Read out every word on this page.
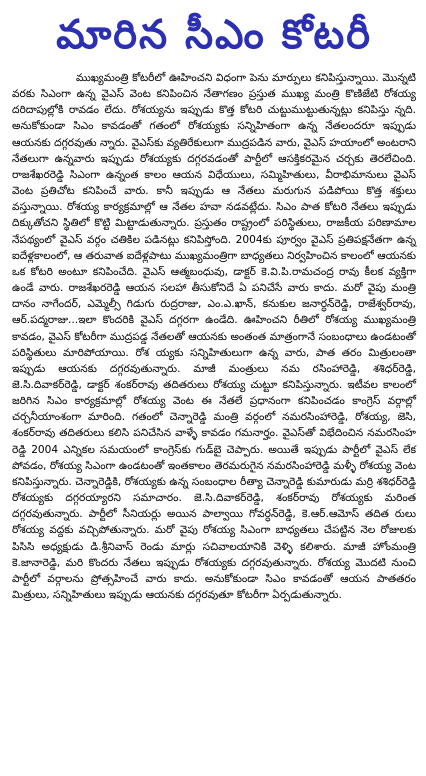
మారిన సీఎం కోటరీ

ముఖ్యమంత్రి కోటరీలో ఊహించని విధంగా పెను మార్పులు కనిపిస్తున్నాయి. మొన్నటి వరకు సిఎంగా ఉన్న వైఎస్ వెంట కనిపించిన నేతాగణం ప్రస్తుత ముఖ్య మంత్రి కొణిజేటి రోశయ్య దరిదాపుల్లోకి రావడం లేదు. రోశయ్యను ఇప్పుడు కొత్త కోటరి చుట్టుముట్టుతున్నట్లు కనిపిస్తు న్నది. అనుకోకుండా సిఎం కావడంతో గతంలో రోశయ్యకు సన్నిహితంగా ఉన్న నేతలందరూ ఇప్పుడు ఆయనకు దగ్గరవుతు న్నారు. వైఎస్‌కు వ్యతిరేకులుగా ముద్రపడిన వారు, వైఎస్ హయాంలో అంటరాని నేతలుగా ఉన్నవారు ఇప్పుడు రోశయ్యకు దగ్గరవడంతో పార్టీలో ఆసక్తికరమైన చర్చకు తెరలేచింది. రాజశేఖరరెడ్డి సిఎంగా ఉన్నంత కాలం ఆయన విధేయులు, సమ్మిహితులు, వీరాభిమానులు వైఎస్ వెంట ప్రతిచోట కనిపించే వారు. కానీ ఇప్పుడు ఆ నేతలు మరుగున పడిపోయి కొత్త శక్తులు వస్తున్నాయి. రోశయ్య కార్యక్రమాల్లో ఆ నేతల హవా నడవట్లేదు. సిఎం పాత కోటరి నేతలు ఇప్పుడు దిక్కుతోచని స్థితిలో కొట్టి మిట్టాడుతున్నారు. ప్రస్తుతం రాష్ట్రంలో పరిస్థితులు, రాజకీయ పరిణామాల నేపథ్యంలో వైఎస్ వర్గం చతికిల పడినట్లు కనిపిస్తోంది. 2004కు పూర్వం వైఎస్ ప్రతిపక్షనేతగా ఉన్న ఐదేళ్లకాలంలో, ఆ తరువాత ఐదేళ్లపాటు ముఖ్యమంత్రిగా బాధ్యతలు నిర్వహించిన కాలంలో ఆయనకు ఒక కోటరి అంటూ కనిపించేది. వైఎస్ ఆత్మబంధువు, డాక్టర్ కె.వి.పి.రామచంద్ర రావు కీలక వ్యక్తిగా ఉండే వారు. రాజశేఖరరెడ్డి ఆయన సలహా తీసుకోనిదే ఏ పనిచేసే వారు కాదు. మరో వైపు మంత్రి దానం నాగేందర్, ఎమ్మెల్సీ గిడుగు రుద్రరాజు, ఎం.ఎ.ఖాన్, కనుకుల జనార్ధన్‌రెడ్డి, రాజేశ్వర్‌రావు, ఆర్.పద్మరాజు...ఇలా కొందరికి వైఎస్ దగ్గరగా ఉండేది. ఊహించని రీతిలో రోశయ్య ముఖ్యమంత్రి కావడం, వైఎస్ కోటరీగా ముద్రపడ్డ నేతలతో ఆయనకు అంతంత మాత్రంగానే సంబంధాలు ఉండటంతో పరిస్థితులు మారిపోయాయి. రోశ య్యకు సన్నిహితులుగా ఉన్న వారు, పాత తరం మిత్రులంతా ఇప్పుడు ఆయనకు దగ్గరవుతున్నారు. మాజీ మంత్రులు నమ రసింహారెడ్డి, శశిధర్‌రెడ్డి, జె.సి.దివాకర్‌రెడ్డి, డాక్టర్ శంకర్‌రావు తదితరులు రోశయ్య చుట్టూ కనిపిస్తున్నారు. ఇటీవల కాలంలో జరిగిన సిఎం కార్యక్రమాల్లో రోశయ్య వెంట ఈ నేతలే ప్రధానంగా కనిపించడం కాంగ్రెస్ వర్గాల్లో చర్చనీయాంశంగా మారింది. గతంలో చెన్నారెడ్డి మంత్రి వర్గంలో నమరసింహారెడ్డి, రోశయ్య, జెసి, శంకర్‌రావు తదితరులు కలిసి పనిచేసిన వాళ్ళే కావడం గమనార్హం. వైఎస్‌తో విభేదించిన నమరసింహ రెడ్డి 2004 ఎన్నికల సమయంలో కాంగ్రెస్‌కు గుడ్‌బై చెప్పారు. అయితే ఇప్పుడు పార్టీలో వైఎస్ లేక పోవడం, రోశయ్య సిఎంగా ఉండటంతో ఇంతకాలం తెరమరుగైన నమరసింహారెడ్డి మళ్ళీ రోశయ్య వెంట కనిపిస్తున్నారు. చెన్నారెడ్డికి, రోశయ్యకు ఉన్న సంబంధాల రీత్యా చెన్నారెడ్డి కుమారుడు మర్రి శశిధర్‌రెడ్డి రోశయ్యకు దగ్గరయ్యారని సమాచారం. జె.సి.దివాకర్‌రెడ్డి, శంకర్‌రావు రోశయ్యకు మరింత దగ్గరవుతున్నారు. పార్టీలో సీనియర్లు అయిన పాల్వాయి గోవర్ధన్‌రెడ్డి, కె.ఆర్.ఆమోస్ తదిత రులు రోశయ్య వద్దకు వచ్చిపోతున్నారు. మరో వైపు రోశయ్య సిఎంగా బాధ్యతలు చేపట్టిన నెల రోజులకు పిసిసి అధ్యక్షుడు డి.శ్రీనివాస్ రెండు మార్లు సచివాలయానికి వెళ్ళి కలిశారు. మాజీ హోంమంత్రి కె.జానారెడ్డి, మరి కొందరు నేతలు ఇప్పుడు రోశయ్యకు దగ్గరవుతున్నారు. రోశయ్య మొదటి నుంచి పార్టీలో వర్గాలను ప్రోత్సహించే వారు కాదు. అనుకోకుండా సిఎం కావడంతో ఆయన పాతతరం మిత్రులు, సన్నిహితులు ఇప్పుడు ఆయనకు దగ్గరవుతూ కోటరీగా ఏర్పడుతున్నారు.
